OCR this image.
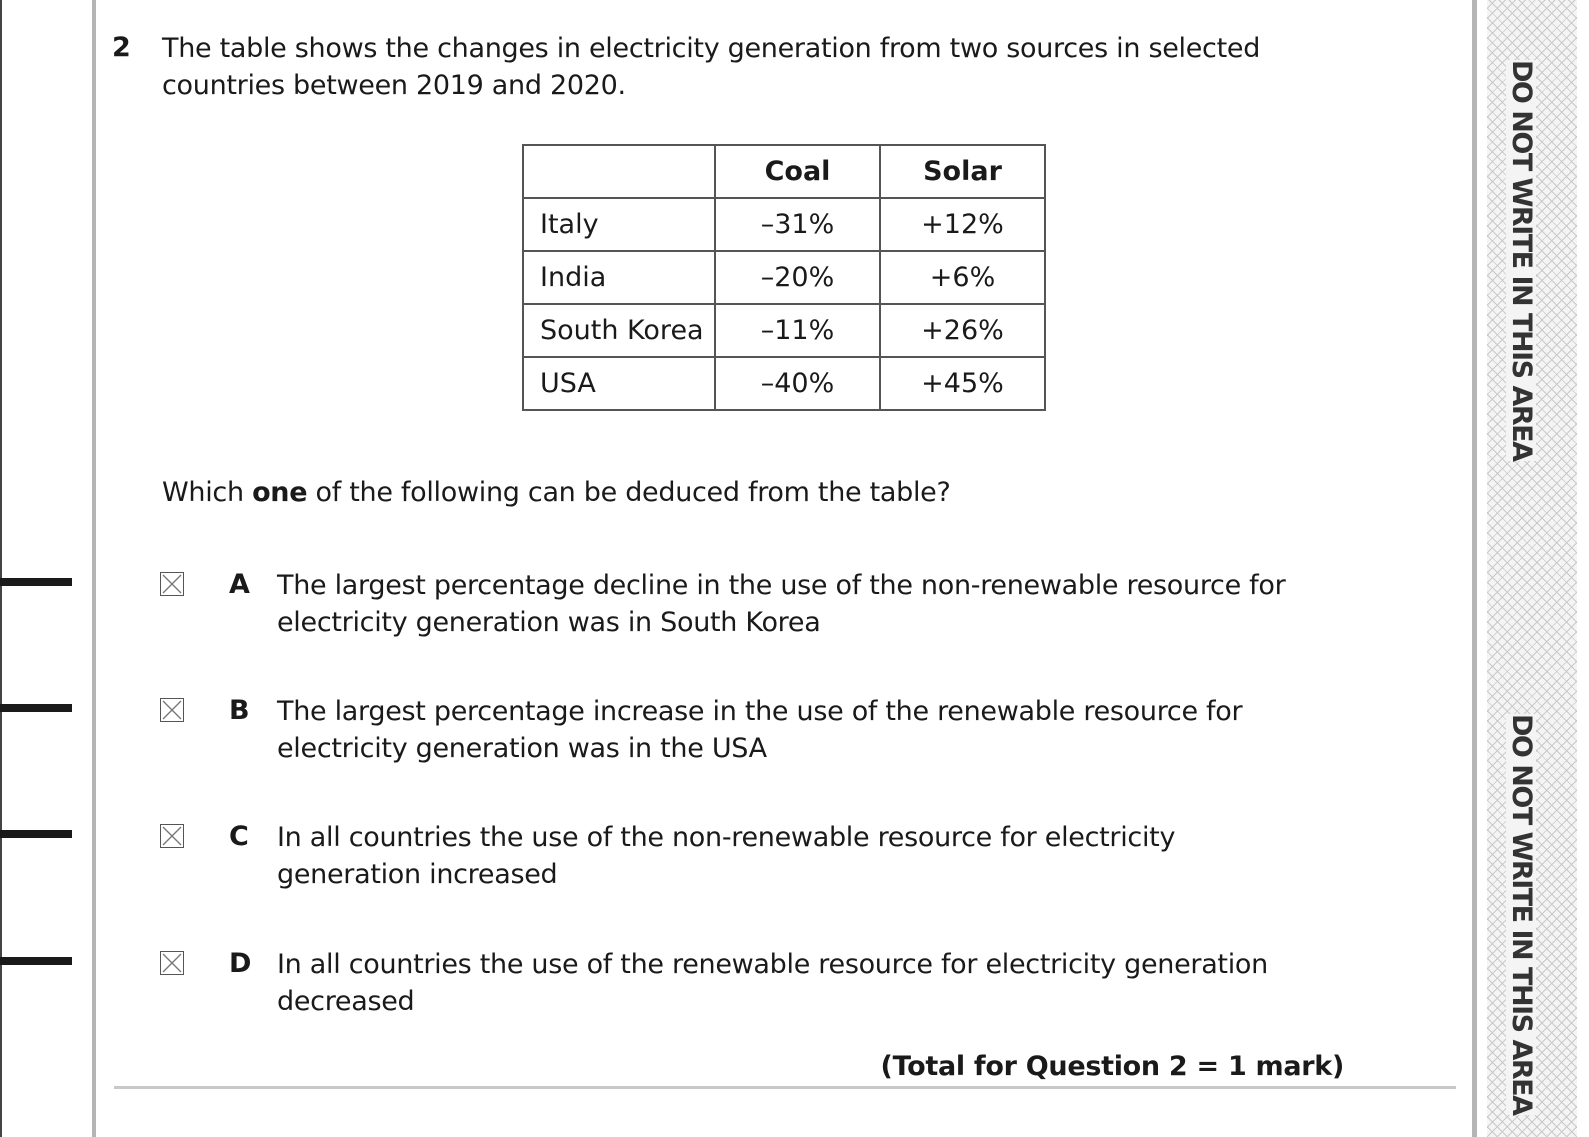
DO NOT WRITE IN THIS AREA
DO NOT WRITE IN THIS AREA
2 The table shows the changes in electricity generation from two sources in selected countries between 2019 and 2020.
	Coal	Solar
Italy	–31%	+12%
India	–20%	+6%
South Korea	–11%	+26%
USA	–40%	+45%
Which one of the following can be deduced from the table?
A The largest percentage decline in the use of the non-renewable resource for electricity generation was in South Korea
B The largest percentage increase in the use of the renewable resource for electricity generation was in the USA
C In all countries the use of the non-renewable resource for electricity generation increased
D In all countries the use of the renewable resource for electricity generation decreased
(Total for Question 2 = 1 mark)
